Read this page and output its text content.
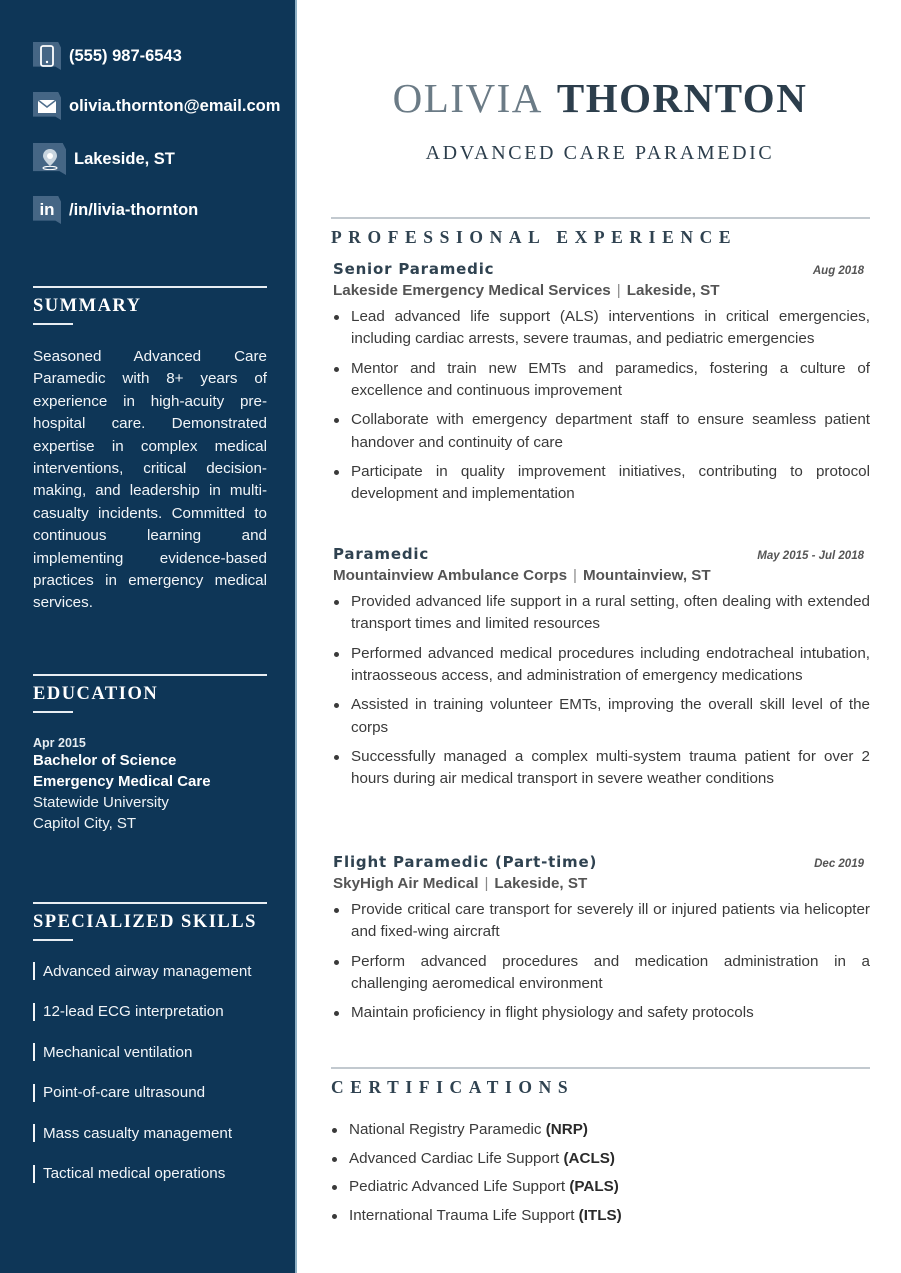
(555) 987-6543
olivia.thornton@email.com
Lakeside, ST
in /in/livia-thornton
SUMMARY

Seasoned Advanced Care Paramedic with 8+ years of experience in high-acuity pre-hospital care. Demonstrated expertise in complex medical interventions, critical decision-making, and leadership in multi-casualty incidents. Committed to continuous learning and implementing evidence-based practices in emergency medical services.

EDUCATION
Apr 2015
Bachelor of Science
Emergency Medical Care
Statewide University
Capitol City, ST
SPECIALIZED SKILLS
Advanced airway management
12-lead ECG interpretation
Mechanical ventilation
Point-of-care ultrasound
Mass casualty management
Tactical medical operations
OLIVIA THORNTON
ADVANCED CARE PARAMEDIC
PROFESSIONAL EXPERIENCE
Senior Paramedic	Aug 2018
Lakeside Emergency Medical Services | Lakeside, ST
Lead advanced life support (ALS) interventions in critical emergencies, including cardiac arrests, severe traumas, and pediatric emergencies
Mentor and train new EMTs and paramedics, fostering a culture of excellence and continuous improvement
Collaborate with emergency department staff to ensure seamless patient handover and continuity of care
Participate in quality improvement initiatives, contributing to protocol development and implementation
Paramedic	May 2015 - Jul 2018
Mountainview Ambulance Corps | Mountainview, ST
Provided advanced life support in a rural setting, often dealing with extended transport times and limited resources
Performed advanced medical procedures including endotracheal intubation, intraosseous access, and administration of emergency medications
Assisted in training volunteer EMTs, improving the overall skill level of the corps
Successfully managed a complex multi-system trauma patient for over 2 hours during air medical transport in severe weather conditions
Flight Paramedic (Part-time)	Dec 2019
SkyHigh Air Medical | Lakeside, ST
Provide critical care transport for severely ill or injured patients via helicopter and fixed-wing aircraft
Perform advanced procedures and medication administration in a challenging aeromedical environment
Maintain proficiency in flight physiology and safety protocols
CERTIFICATIONS
National Registry Paramedic (NRP)
Advanced Cardiac Life Support (ACLS)
Pediatric Advanced Life Support (PALS)
International Trauma Life Support (ITLS)
